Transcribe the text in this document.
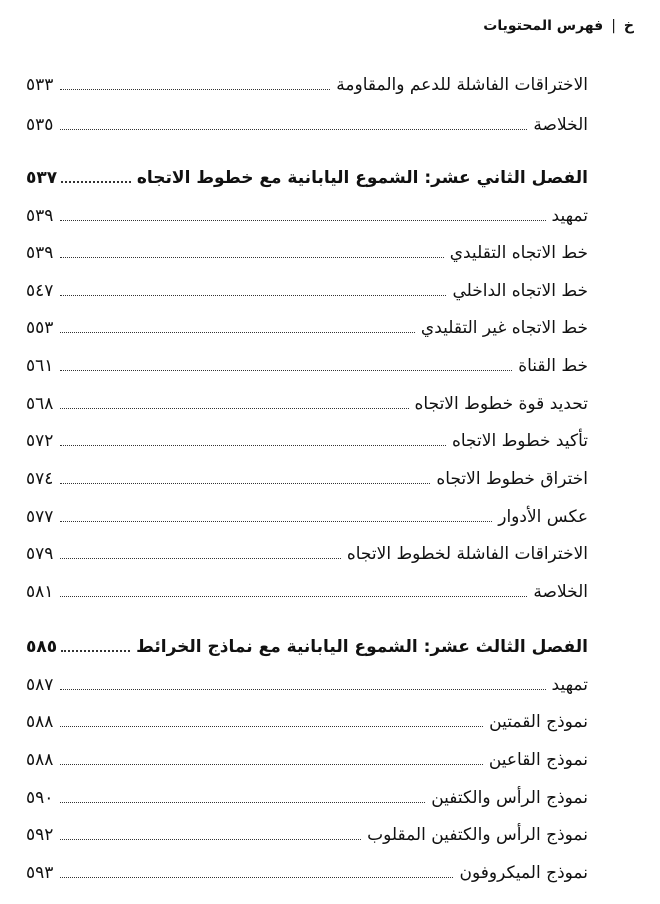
خ
|
فهرس المحتويات
الاختراقات الفاشلة للدعم والمقاومة
٥٣٣
الخلاصة
٥٣٥
الفصل الثاني عشر: الشموع اليابانية مع خطوط الاتجاه
٥٣٧
تمهيد
٥٣٩
خط الاتجاه التقليدي
٥٣٩
خط الاتجاه الداخلي
٥٤٧
خط الاتجاه غير التقليدي
٥٥٣
خط القناة
٥٦١
تحديد قوة خطوط الاتجاه
٥٦٨
تأكيد خطوط الاتجاه
٥٧٢
اختراق خطوط الاتجاه
٥٧٤
عكس الأدوار
٥٧٧
الاختراقات الفاشلة لخطوط الاتجاه
٥٧٩
الخلاصة
٥٨١
الفصل الثالث عشر: الشموع اليابانية مع نماذج الخرائط
٥٨٥
تمهيد
٥٨٧
نموذج القمتين
٥٨٨
نموذج القاعين
٥٨٨
نموذج الرأس والكتفين
٥٩٠
نموذج الرأس والكتفين المقلوب
٥٩٢
نموذج الميكروفون
٥٩٣
